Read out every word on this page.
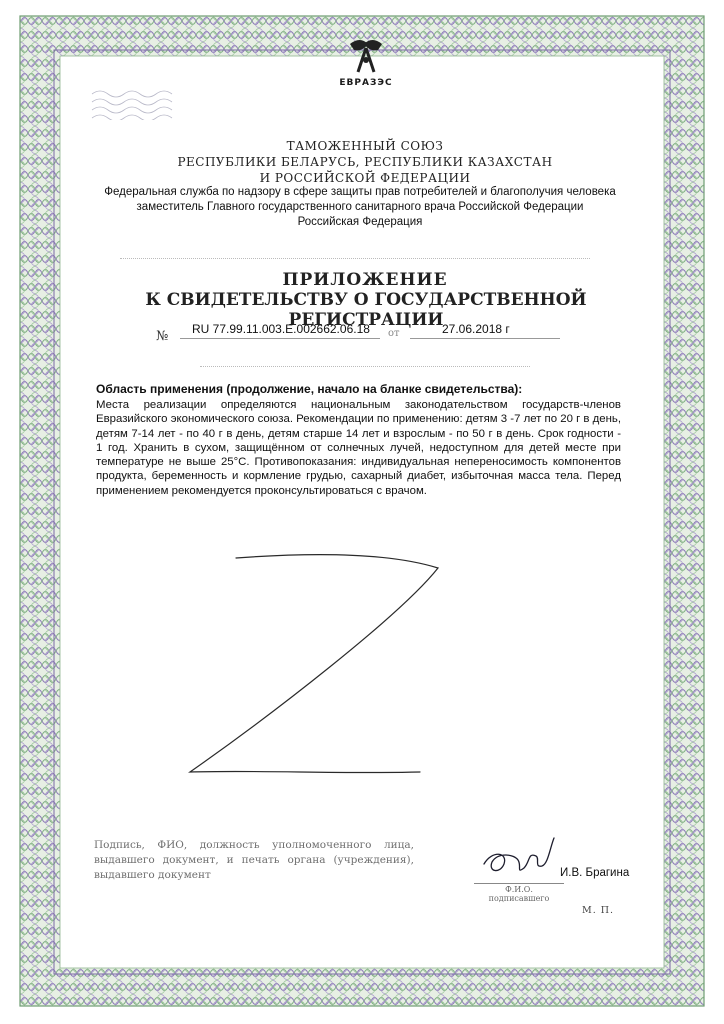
ЕВРАЗЭС
ТАМОЖЕННЫЙ СОЮЗ
РЕСПУБЛИКИ БЕЛАРУСЬ, РЕСПУБЛИКИ КАЗАХСТАН
И РОССИЙСКОЙ ФЕДЕРАЦИИ
Федеральная служба по надзору в сфере защиты прав потребителей и благополучия человека
заместитель Главного государственного санитарного врача Российской Федерации
Российская Федерация
ПРИЛОЖЕНИЕ
К СВИДЕТЕЛЬСТВУ О ГОСУДАРСТВЕННОЙ РЕГИСТРАЦИИ
№ RU 77.99.11.003.E.002662.06.18 от	27.06.2018 г
Область применения (продолжение, начало на бланке свидетельства):
Места реализации определяются национальным законодательством государств-членов Евразийского экономического союза. Рекомендации по применению: детям 3 -7 лет по 20 г в день, детям 7-14 лет - по 40 г в день, детям старше 14 лет и взрослым - по 50 г в день. Срок годности - 1 год. Хранить в сухом, защищённом от солнечных лучей, недоступном для детей месте при температуре не выше 25°С. Противопоказания: индивидуальная непереносимость компонентов продукта, беременность и кормление грудью, сахарный диабет, избыточная масса тела. Перед применением рекомендуется проконсультироваться с врачом.
Подпись, ФИО, должность уполномоченного лица, выдавшего документ, и печать органа (учреждения), выдавшего документ	И.В. Брагина
Ф.И.О. подписавшего
М. П.
